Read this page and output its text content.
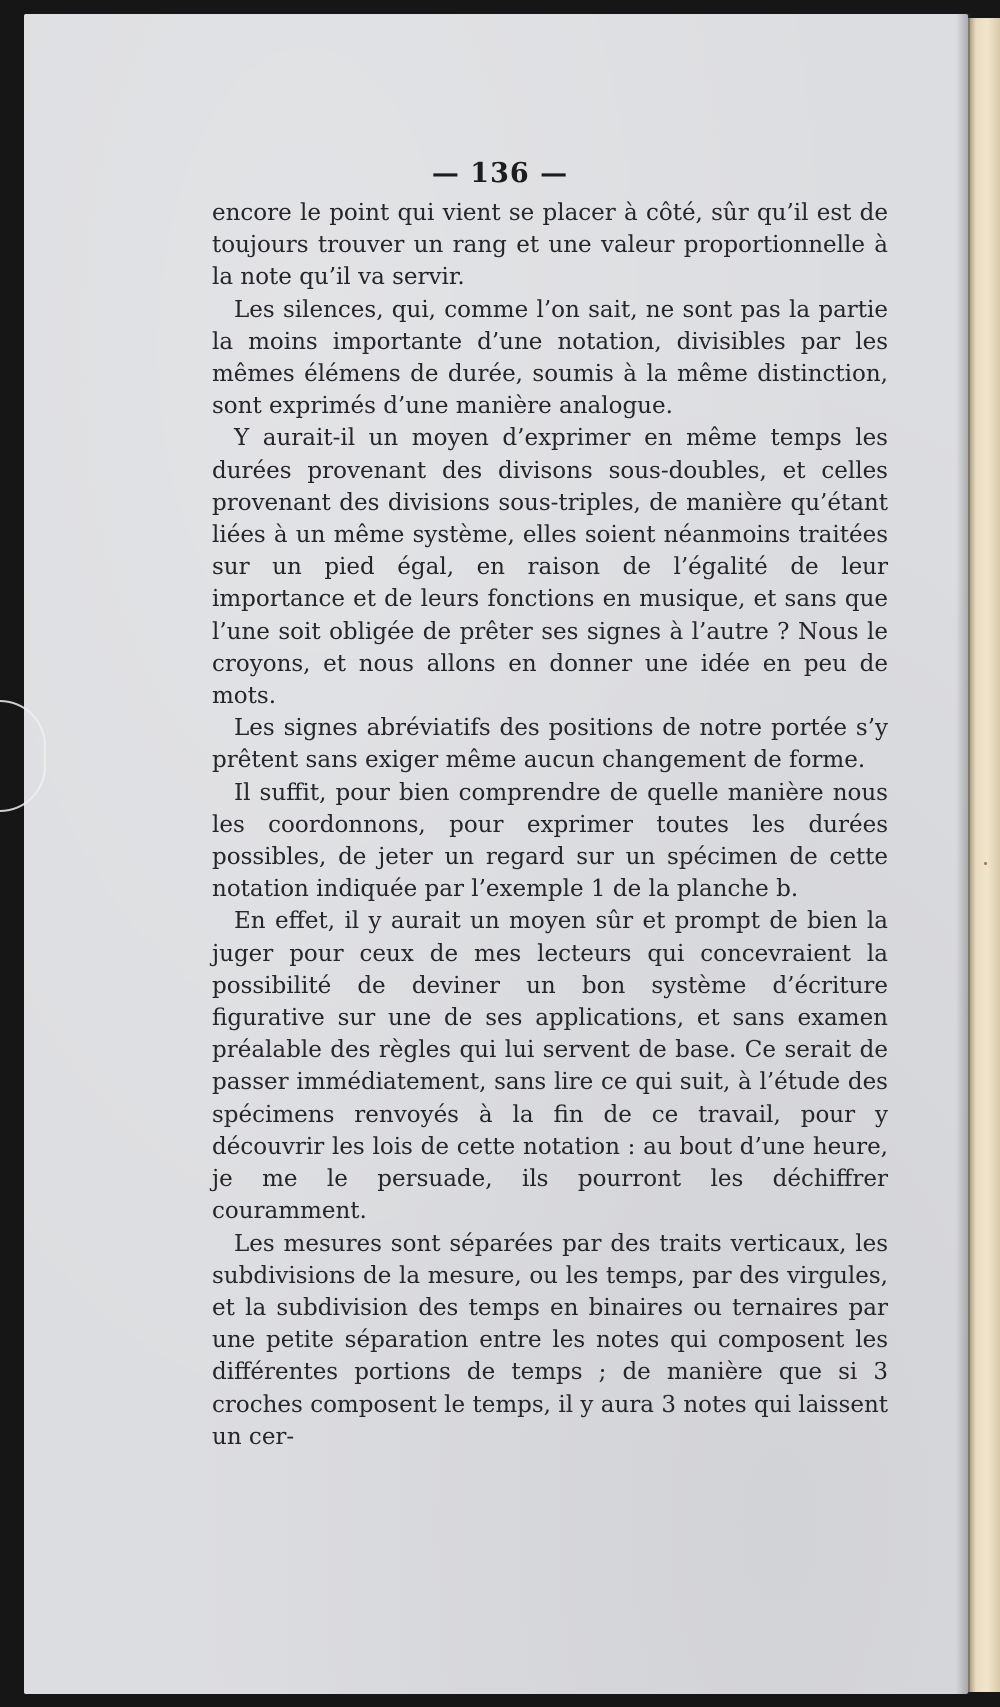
— 136 —

encore le point qui vient se placer à côté, sûr qu’il est de toujours trouver un rang et une valeur proportionnelle à la note qu’il va servir.

Les silences, qui, comme l’on sait, ne sont pas la partie la moins importante d’une notation, divisibles par les mêmes élémens de durée, soumis à la même distinction, sont exprimés d’une manière analogue.

Y aurait-il un moyen d’exprimer en même temps les durées provenant des divisons sous-doubles, et celles provenant des divisions sous-triples, de manière qu’étant liées à un même système, elles soient néanmoins traitées sur un pied égal, en raison de l’égalité de leur importance et de leurs fonctions en musique, et sans que l’une soit obligée de prêter ses signes à l’autre ? Nous le croyons, et nous allons en donner une idée en peu de mots.

Les signes abréviatifs des positions de notre portée s’y prêtent sans exiger même aucun changement de forme.

Il suffit, pour bien comprendre de quelle manière nous les coordonnons, pour exprimer toutes les durées possibles, de jeter un regard sur un spécimen de cette notation indiquée par l’exemple 1 de la planche b.

En effet, il y aurait un moyen sûr et prompt de bien la juger pour ceux de mes lecteurs qui concevraient la possibilité de deviner un bon système d’écriture figurative sur une de ses applications, et sans examen préalable des règles qui lui servent de base. Ce serait de passer immédiatement, sans lire ce qui suit, à l’étude des spécimens renvoyés à la fin de ce travail, pour y découvrir les lois de cette notation : au bout d’une heure, je me le persuade, ils pourront les déchiffrer couramment.

Les mesures sont séparées par des traits verticaux, les subdivisions de la mesure, ou les temps, par des virgules, et la subdivision des temps en binaires ou ternaires par une petite séparation entre les notes qui composent les différentes portions de temps ; de manière que si 3 croches composent le temps, il y aura 3 notes qui laissent un cer-
